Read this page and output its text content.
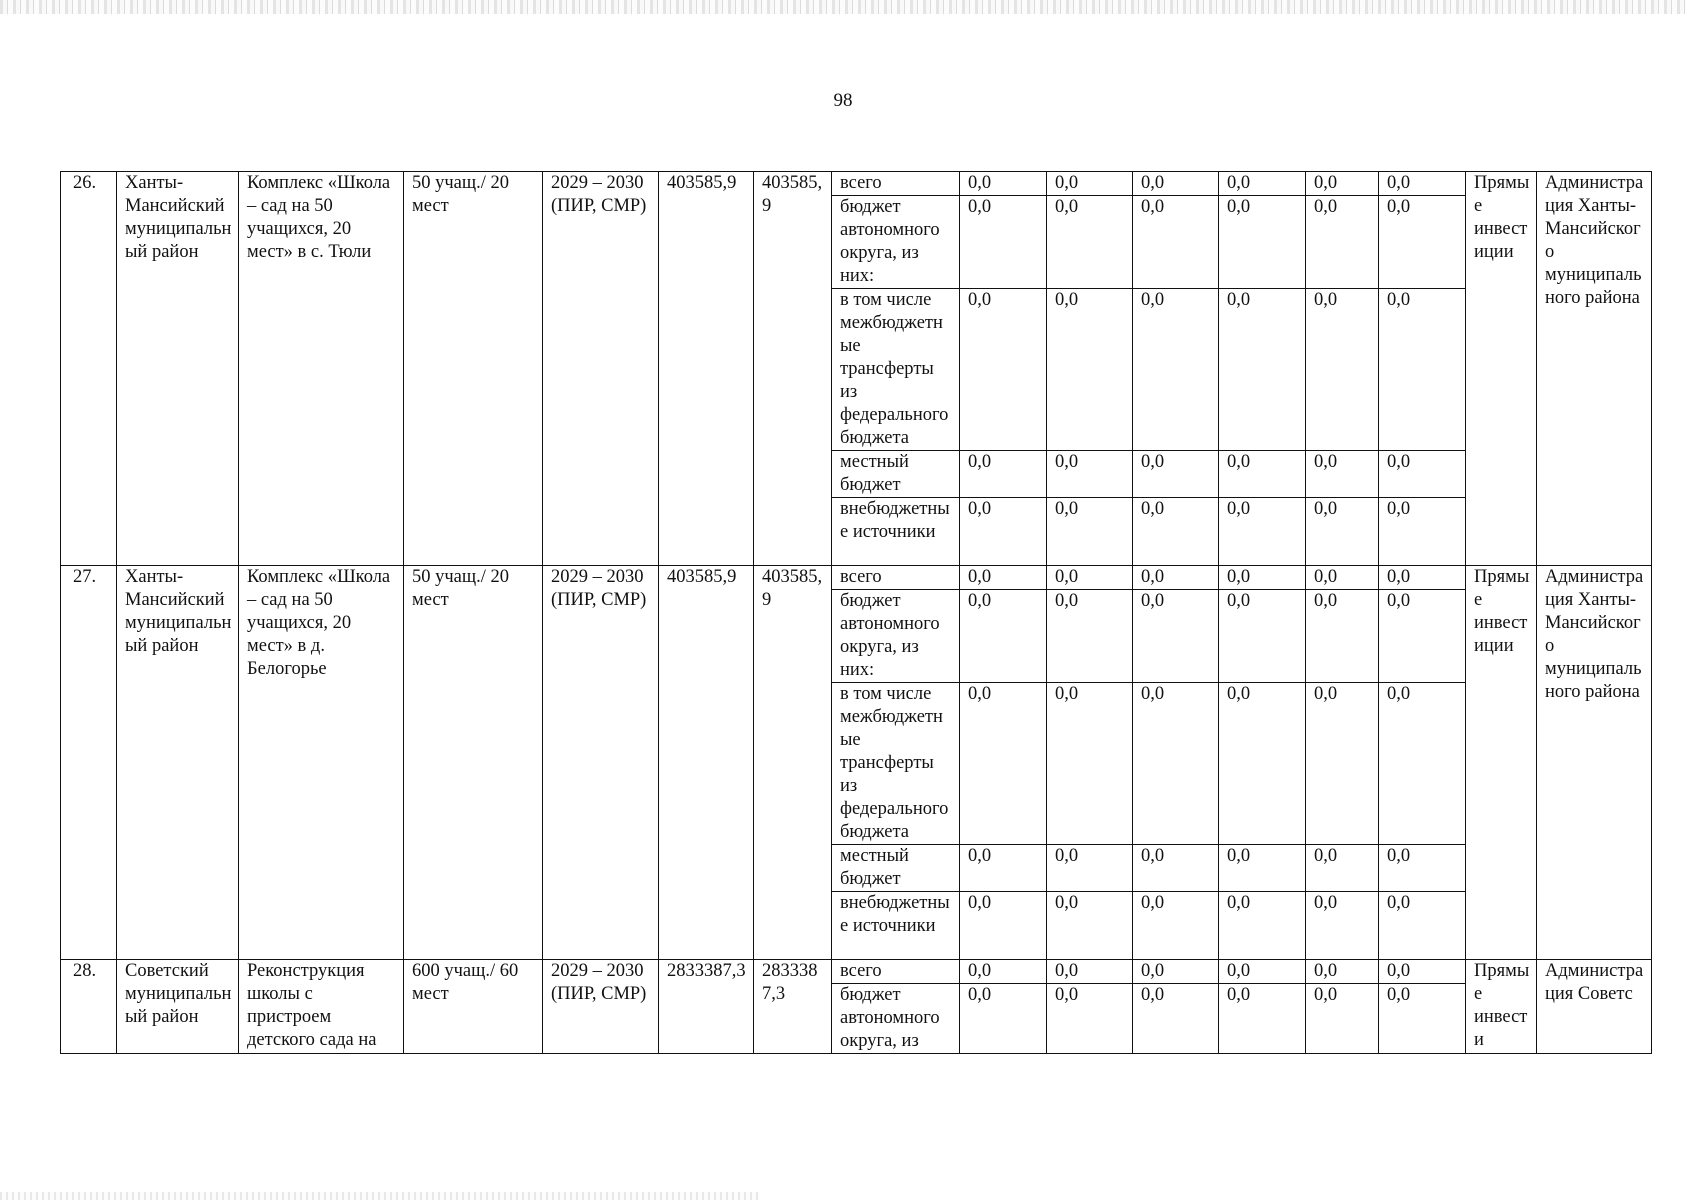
98
26.	Ханты-Мансийский муниципальный район	Комплекс «Школа – сад на 50 учащихся, 20 мест» в с. Тюли	50 учащ./ 20 мест	2029 – 2030 (ПИР, СМР)	403585,9	403585,9	всего	0,0	0,0	0,0	0,0	0,0	0,0	Прямые инвестиции	Администрация Ханты-Мансийского муниципального района
							бюджет автономного округа, из них:	0,0	0,0	0,0	0,0	0,0	0,0		
							в том числе межбюджетные трансферты из федерального бюджета	0,0	0,0	0,0	0,0	0,0	0,0		
							местный бюджет	0,0	0,0	0,0	0,0	0,0	0,0		
							внебюджетные источники	0,0	0,0	0,0	0,0	0,0	0,0		
27.	Ханты-Мансийский муниципальный район	Комплекс «Школа – сад на 50 учащихся, 20 мест» в д. Белогорье	50 учащ./ 20 мест	2029 – 2030 (ПИР, СМР)	403585,9	403585,9	всего	0,0	0,0	0,0	0,0	0,0	0,0	Прямые инвестиции	Администрация Ханты-Мансийского муниципального района
							бюджет автономного округа, из них:	0,0	0,0	0,0	0,0	0,0	0,0		
							в том числе межбюджетные трансферты из федерального бюджета	0,0	0,0	0,0	0,0	0,0	0,0		
							местный бюджет	0,0	0,0	0,0	0,0	0,0	0,0		
							внебюджетные источники	0,0	0,0	0,0	0,0	0,0	0,0		
28.	Советский муниципальный район	Реконструкция школы с пристроем детского сада на	600 учащ./ 60 мест	2029 – 2030 (ПИР, СМР)	2833387,3	2833387,3	всего	0,0	0,0	0,0	0,0	0,0	0,0	Прямые инвести	Администрация Советс
							бюджет автономного округа, из	0,0	0,0	0,0	0,0	0,0	0,0		
